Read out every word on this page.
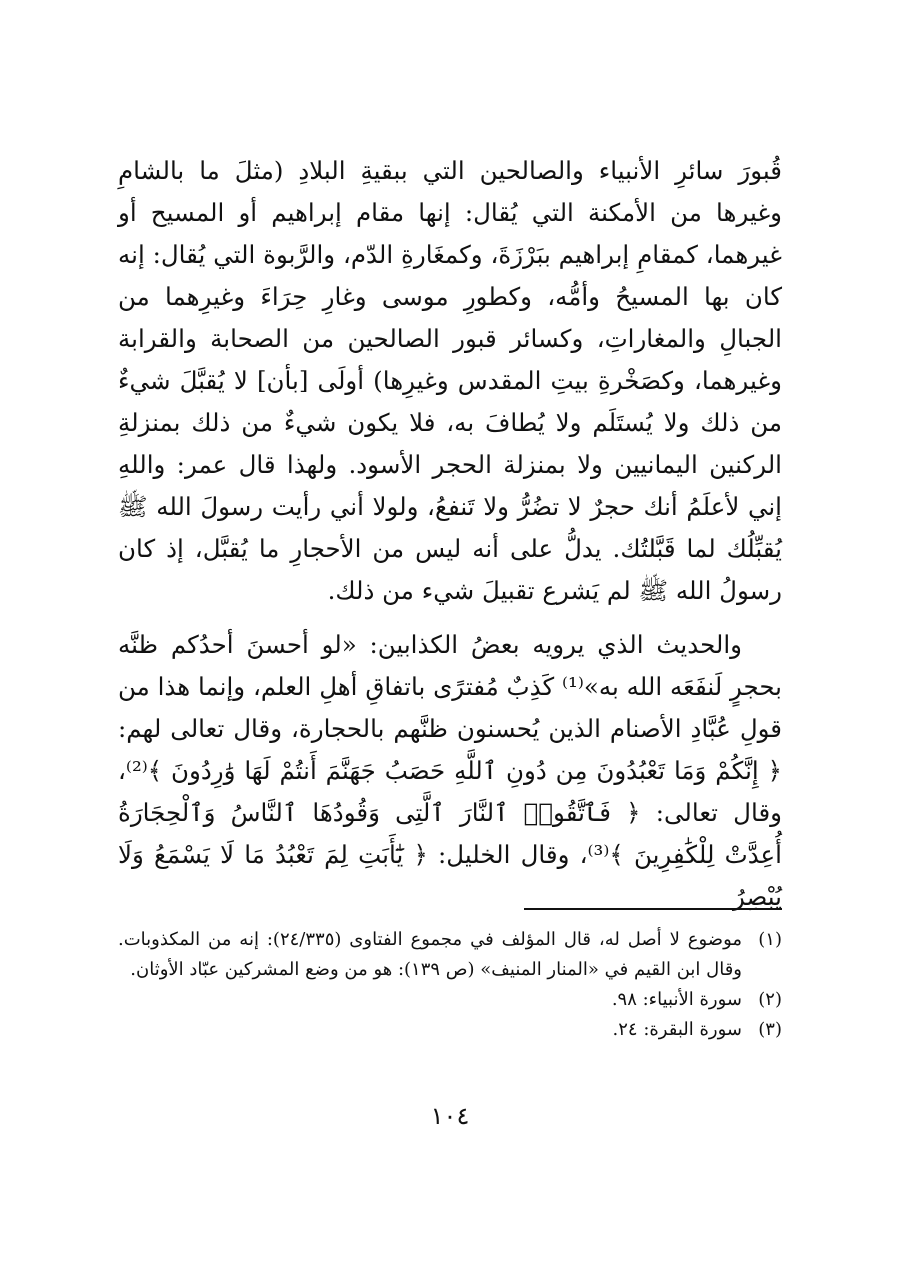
قُبورَ سائرِ الأنبياء والصالحين التي ببقيةِ البلادِ (مثلَ ما بالشامِ وغيرها من الأمكنة التي يُقال: إنها مقام إبراهيم أو المسيح أو غيرهما، كمقامِ إبراهيم ببَرْزَةَ، وكمغَارةِ الدّم، والرَّبوة التي يُقال: إنه كان بها المسيحُ وأمُّه، وكطورِ موسى وغارِ حِرَاءَ وغيرِهما من الجبالِ والمغاراتِ، وكسائر قبور الصالحين من الصحابة والقرابة وغيرهما، وكصَخْرةِ بيتِ المقدس وغيرِها) أولَى [بأن] لا يُقبَّلَ شيءٌ من ذلك ولا يُستَلَم ولا يُطافَ به، فلا يكون شيءٌ من ذلك بمنزلةِ الركنين اليمانيين ولا بمنزلة الحجر الأسود. ولهذا قال عمر: واللهِ إني لأعلَمُ أنك حجرٌ لا تضُرُّ ولا تَنفعُ، ولولا أني رأيت رسولَ الله ﷺ يُقبِّلُك لما قَبَّلتُك. يدلُّ على أنه ليس من الأحجارِ ما يُقبَّل، إذ كان رسولُ الله ﷺ لم يَشرع تقبيلَ شيء من ذلك.

والحديث الذي يرويه بعضُ الكذابين: «لو أحسنَ أحدُكم ظنَّه بحجرٍ لَنفَعَه الله به»⁽¹⁾ كَذِبٌ مُفترًى باتفاقِ أهلِ العلم، وإنما هذا من قولِ عُبَّادِ الأصنام الذين يُحسنون ظنَّهم بالحجارة، وقال تعالى لهم: ﴿ إِنَّكُمْ وَمَا تَعْبُدُونَ مِن دُونِ ٱللَّهِ حَصَبُ جَهَنَّمَ أَنتُمْ لَهَا وَٰرِدُونَ ﴾⁽²⁾، وقال تعالى: ﴿ فَٱتَّقُوا۟ ٱلنَّارَ ٱلَّتِى وَقُودُهَا ٱلنَّاسُ وَٱلْحِجَارَةُ أُعِدَّتْ لِلْكَٰفِرِينَ ﴾⁽³⁾، وقال الخليل: ﴿ يَٰٓأَبَتِ لِمَ تَعْبُدُ مَا لَا يَسْمَعُ وَلَا يُبْصِرُ

(١)
موضوع لا أصل له، قال المؤلف في مجموع الفتاوى (٢٤/٣٣٥): إنه من المكذوبات. وقال ابن القيم في «المنار المنيف» (ص ١٣٩): هو من وضع المشركين عبّاد الأوثان.
(٢)
سورة الأنبياء: ٩٨.
(٣)
سورة البقرة: ٢٤.
١٠٤
